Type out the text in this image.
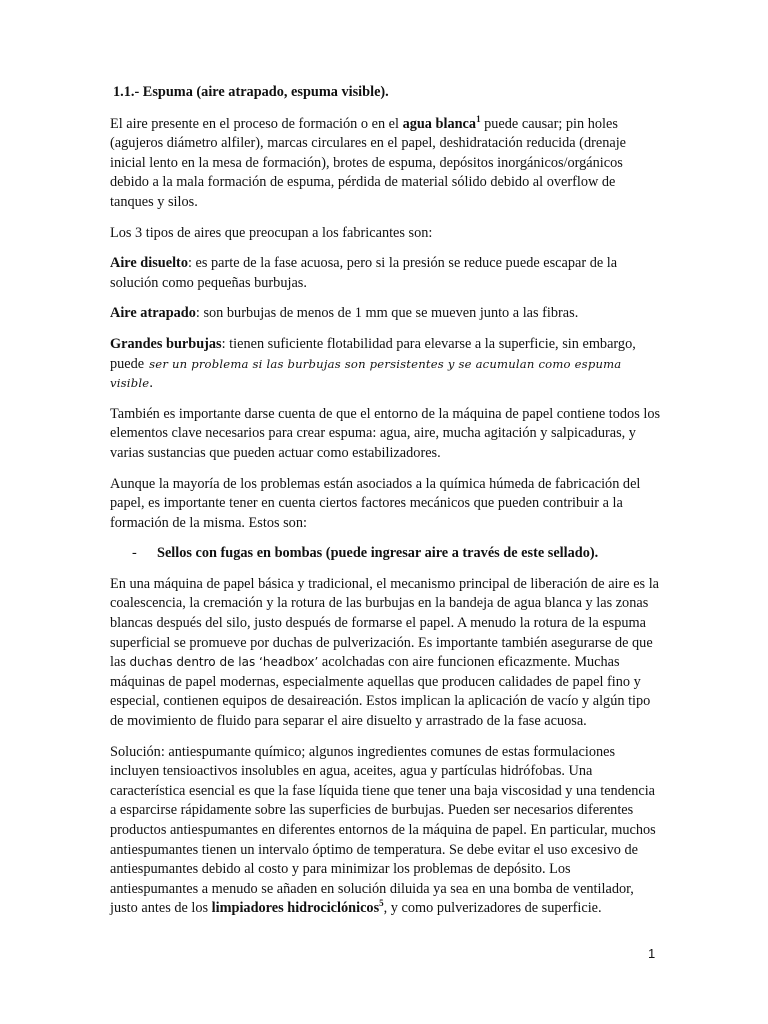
1.1.- Espuma (aire atrapado, espuma visible).

El aire presente en el proceso de formación o en el agua blanca$^1$ puede causar; pin holes (agujeros diámetro alfiler), marcas circulares en el papel, deshidratación reducida (drenaje inicial lento en la mesa de formación), brotes de espuma, depósitos inorgánicos/orgánicos debido a la mala formación de espuma, pérdida de material sólido debido al overflow de tanques y silos.

Los 3 tipos de aires que preocupan a los fabricantes son:

Aire disuelto: es parte de la fase acuosa, pero si la presión se reduce puede escapar de la solución como pequeñas burbujas.

Aire atrapado: son burbujas de menos de 1 mm que se mueven junto a las fibras.

Grandes burbujas: tienen suficiente flotabilidad para elevarse a la superficie, sin embargo, puede ser un problema si las burbujas son persistentes y se acumulan como espuma visible.

También es importante darse cuenta de que el entorno de la máquina de papel contiene todos los elementos clave necesarios para crear espuma: agua, aire, mucha agitación y salpicaduras, y varias sustancias que pueden actuar como estabilizadores.

Aunque la mayoría de los problemas están asociados a la química húmeda de fabricación del papel, es importante tener en cuenta ciertos factores mecánicos que pueden contribuir a la formación de la misma. Estos son:

-	Sellos con fugas en bombas (puede ingresar aire a través de este sellado).

En una máquina de papel básica y tradicional, el mecanismo principal de liberación de aire es la coalescencia, la cremación y la rotura de las burbujas en la bandeja de agua blanca y las zonas blancas después del silo, justo después de formarse el papel. A menudo la rotura de la espuma superficial se promueve por duchas de pulverización. Es importante también asegurarse de que las duchas dentro de las ‘headbox’ acolchadas con aire funcionen eficazmente. Muchas máquinas de papel modernas, especialmente aquellas que producen calidades de papel fino y especial, contienen equipos de desaireación. Estos implican la aplicación de vacío y algún tipo de movimiento de fluido para separar el aire disuelto y arrastrado de la fase acuosa.

Solución: antiespumante químico; algunos ingredientes comunes de estas formulaciones incluyen tensioactivos insolubles en agua, aceites, agua y partículas hidrófobas. Una característica esencial es que la fase líquida tiene que tener una baja viscosidad y una tendencia a esparcirse rápidamente sobre las superficies de burbujas. Pueden ser necesarios diferentes productos antiespumantes en diferentes entornos de la máquina de papel. En particular, muchos antiespumantes tienen un intervalo óptimo de temperatura. Se debe evitar el uso excesivo de antiespumantes debido al costo y para minimizar los problemas de depósito. Los antiespumantes a menudo se añaden en solución diluida ya sea en una bomba de ventilador, justo antes de los limpiadores hidrociclónicos$^5$, y como pulverizadores de superficie.

1
